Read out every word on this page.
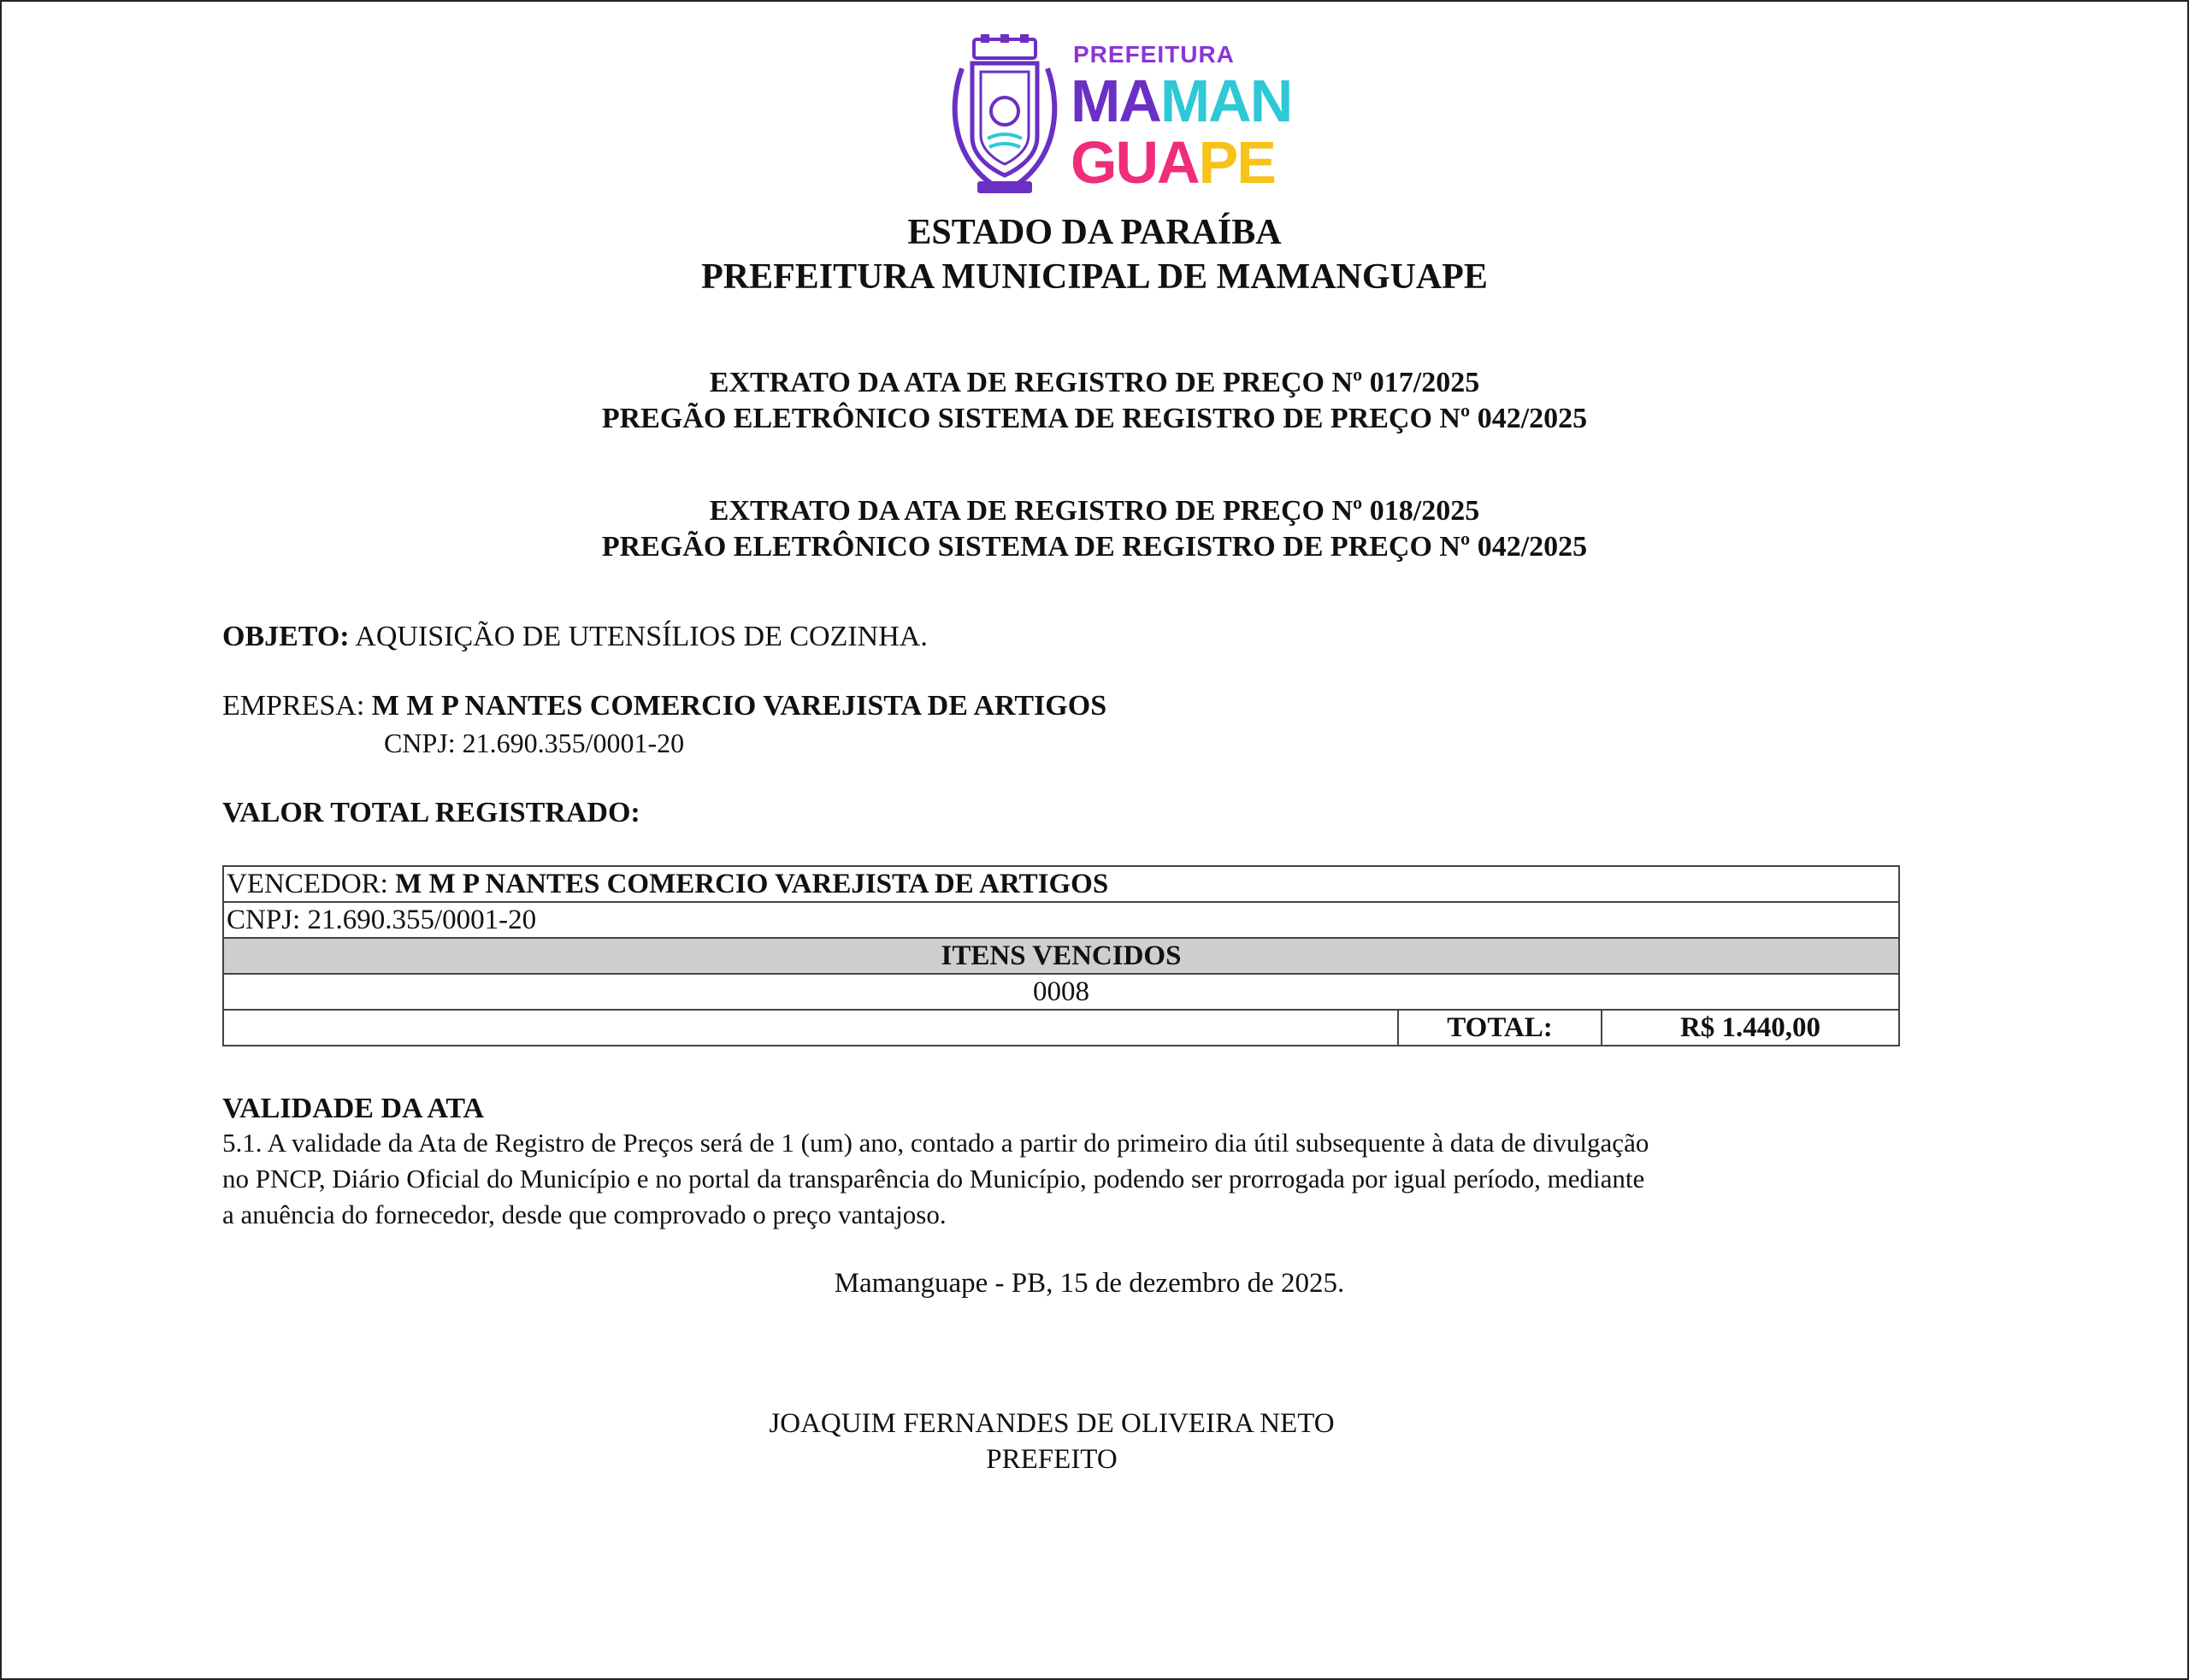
PREFEITURA
MAMAN
GUAPE
ESTADO DA PARAÍBA
PREFEITURA MUNICIPAL DE MAMANGUAPE
EXTRATO DA ATA DE REGISTRO DE PREÇO Nº 017/2025
PREGÃO ELETRÔNICO SISTEMA DE REGISTRO DE PREÇO Nº 042/2025
EXTRATO DA ATA DE REGISTRO DE PREÇO Nº 018/2025
PREGÃO ELETRÔNICO SISTEMA DE REGISTRO DE PREÇO Nº 042/2025
OBJETO: AQUISIÇÃO DE UTENSÍLIOS DE COZINHA.
EMPRESA: M M P NANTES COMERCIO VAREJISTA DE ARTIGOS
CNPJ: 21.690.355/0001-20
VALOR TOTAL REGISTRADO:
VENCEDOR: M M P NANTES COMERCIO VAREJISTA DE ARTIGOS
CNPJ: 21.690.355/0001-20
ITENS VENCIDOS
0008
	TOTAL:	R$ 1.440,00
VALIDADE DA ATA
5.1. A validade da Ata de Registro de Preços será de 1 (um) ano, contado a partir do primeiro dia útil subsequente à data de divulgação
no PNCP, Diário Oficial do Município e no portal da transparência do Município, podendo ser prorrogada por igual período, mediante
a anuência do fornecedor, desde que comprovado o preço vantajoso.
Mamanguape - PB, 15 de dezembro de 2025.
JOAQUIM FERNANDES DE OLIVEIRA NETO
PREFEITO
